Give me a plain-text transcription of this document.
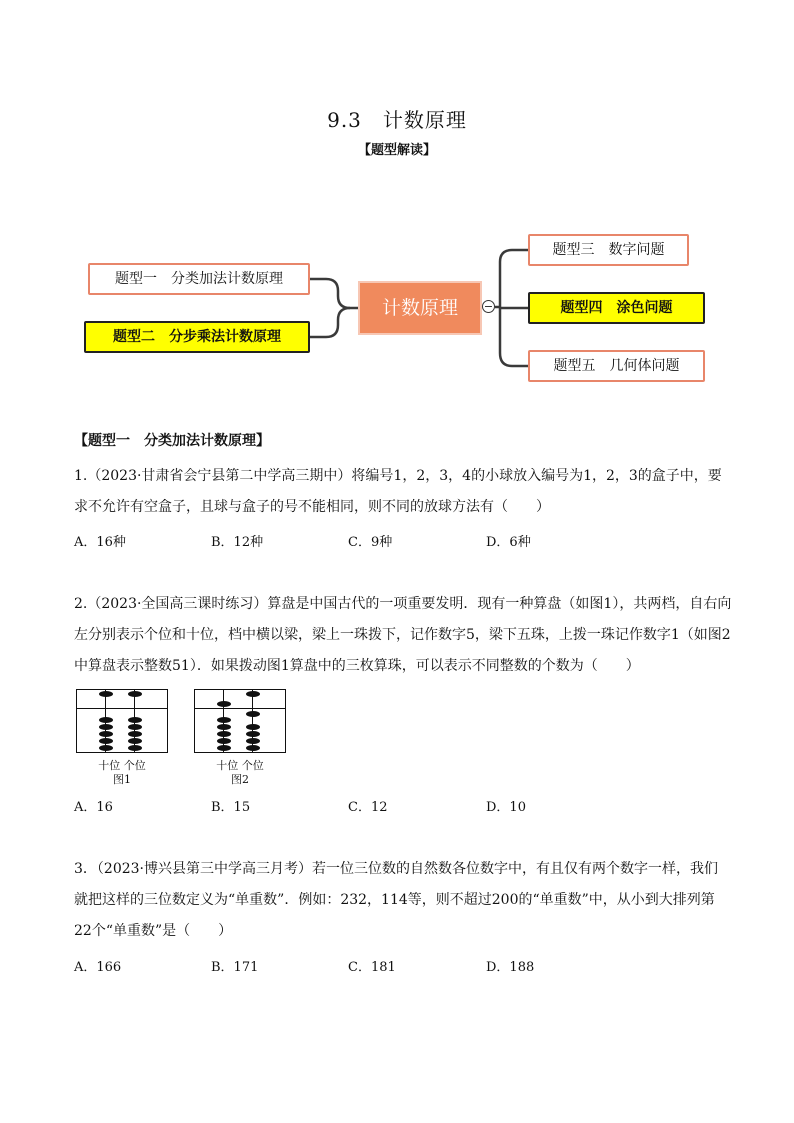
9.3　计数原理
【题型解读】
题型一　分类加法计数原理
题型二　分步乘法计数原理
计数原理	−
题型三　数字问题
题型四　涂色问题
题型五　几何体问题
【题型一　分类加法计数原理】
1.（2023·甘肃省会宁县第二中学高三期中）将编号1，2，3，4的小球放入编号为1，2，3的盒子中，要
求不允许有空盒子，且球与盒子的号不能相同，则不同的放球方法有（　　）
A．16种	B．12种	C．9种	D．6种
2.（2023·全国高三课时练习）算盘是中国古代的一项重要发明．现有一种算盘（如图1），共两档，自右向
左分别表示个位和十位，档中横以梁，梁上一珠拨下，记作数字5，梁下五珠，上拨一珠记作数字1（如图2
中算盘表示整数51）．如果拨动图1算盘中的三枚算珠，可以表示不同整数的个数为（　　）
十位 个位
图1
十位 个位
图2
A．16	B．15	C．12	D．10
3．（2023·博兴县第三中学高三月考）若一位三位数的自然数各位数字中，有且仅有两个数字一样，我们
就把这样的三位数定义为“单重数”．例如：232，114等，则不超过200的“单重数”中，从小到大排列第
22个“单重数”是（　　）
A．166	B．171	C．181	D．188
